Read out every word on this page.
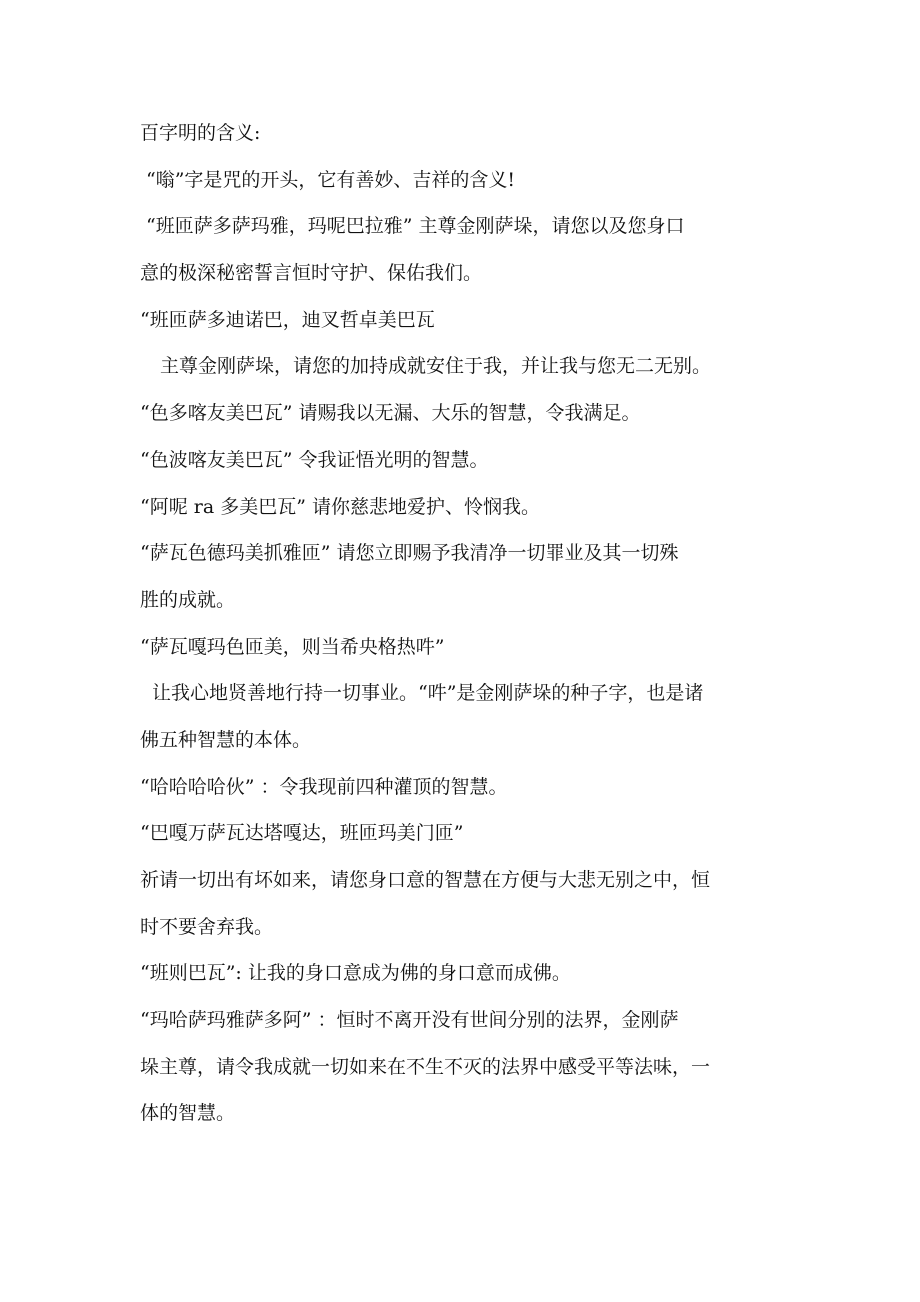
百字明的含义:
“嗡”字是咒的开头，它有善妙、吉祥的含义!
“班匝萨多萨玛雅，玛呢巴拉雅” 主尊金刚萨垛，请您以及您身口
意的极深秘密誓言恒时守护、保佑我们。
“班匝萨多迪诺巴，迪叉哲卓美巴瓦
主尊金刚萨垛，请您的加持成就安住于我，并让我与您无二无别。
“色多喀友美巴瓦” 请赐我以无漏、大乐的智慧，令我满足。
“色波喀友美巴瓦” 令我证悟光明的智慧。
“阿呢 ra 多美巴瓦” 请你慈悲地爱护、怜悯我。
“萨瓦色德玛美抓雅匝” 请您立即赐予我清净一切罪业及其一切殊
胜的成就。
“萨瓦嘎玛色匝美，则当希央格热吽”
让我心地贤善地行持一切事业。“吽”是金刚萨垛的种子字，也是诸
佛五种智慧的本体。
“哈哈哈哈伙” ：令我现前四种灌顶的智慧。
“巴嘎万萨瓦达塔嘎达，班匝玛美门匝”
祈请一切出有坏如来，请您身口意的智慧在方便与大悲无别之中，恒
时不要舍弃我。
“班则巴瓦”: 让我的身口意成为佛的身口意而成佛。
“玛哈萨玛雅萨多阿” ：恒时不离开没有世间分别的法界，金刚萨
垛主尊，请令我成就一切如来在不生不灭的法界中感受平等法味，一
体的智慧。
